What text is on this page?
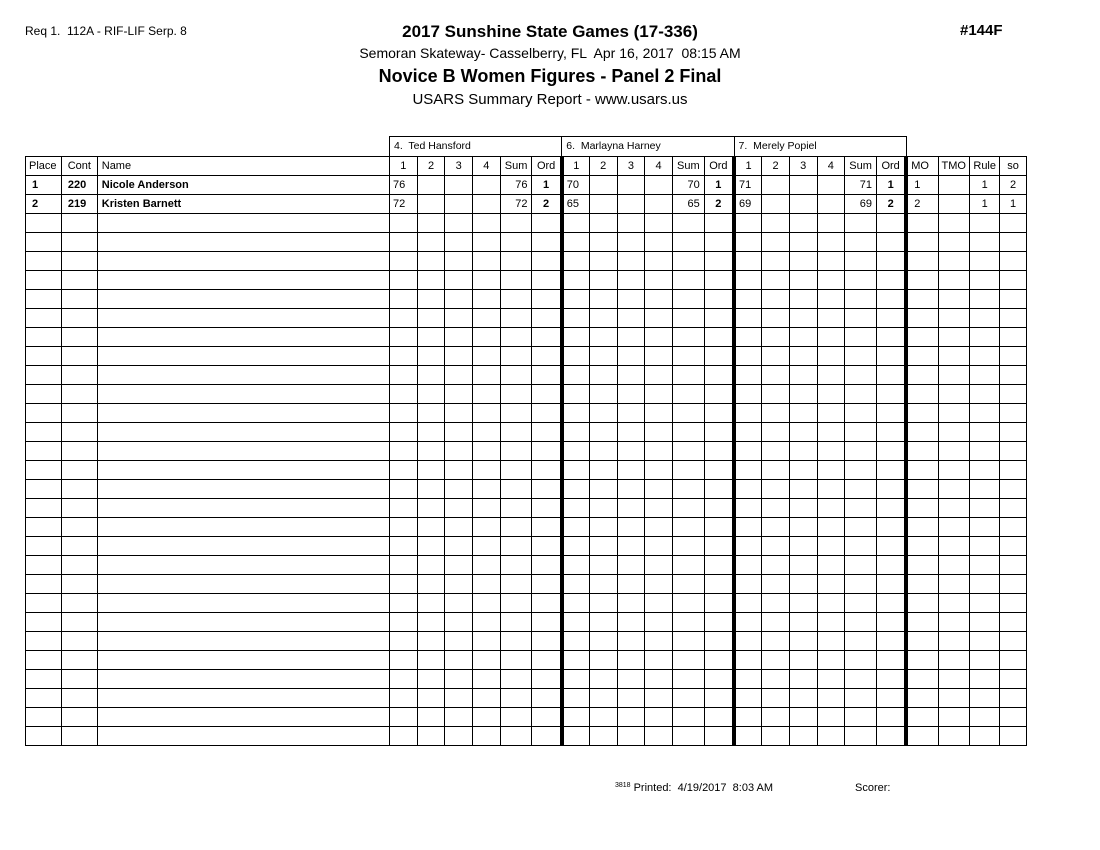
Req 1.  112A - RIF-LIF Serp. 8	#144F
2017 Sunshine State Games (17-336)
Semoran Skateway- Casselberry, FL  Apr 16, 2017  08:15 AM
Novice B Women Figures - Panel 2 Final
USARS Summary Report - www.usars.us
			4.  Ted Hansford						6.  Marlayna Harney						7.  Merely Popiel									
Place	Cont	Name	1	2	3	4	Sum	Ord	1	2	3	4	Sum	Ord	1	2	3	4	Sum	Ord	MO	TMO	Rule	so
1	220	Nicole Anderson	76				76	1	70				70	1	71				71	1	1		1	2
2	219	Kristen Barnett	72				72	2	65				65	2	69				69	2	2		1	1

$^{3818}$ Printed:  4/19/2017  8:03 AM	Scorer:
